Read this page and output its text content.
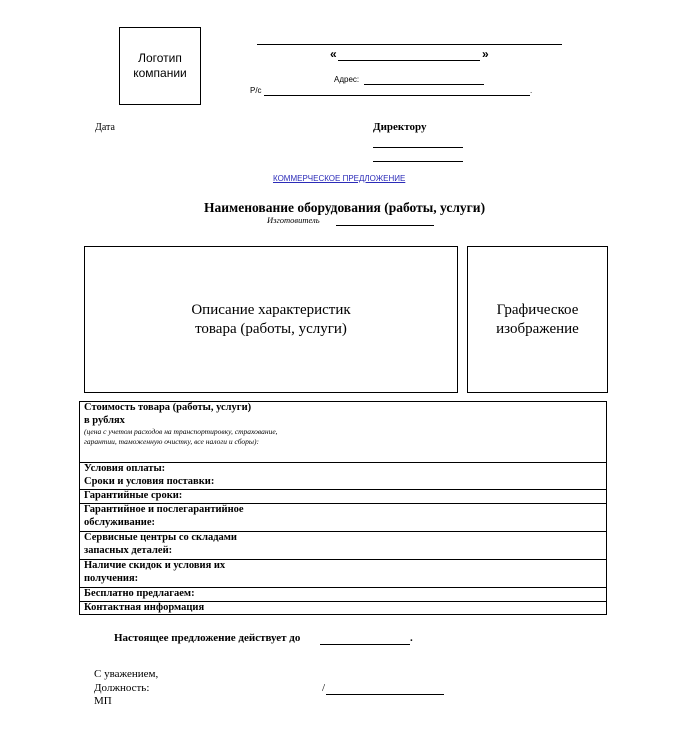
Логотип компании
«	»
Адрес:
Р/с	.
Дата	Директору
КОММЕРЧЕСКОЕ ПРЕДЛОЖЕНИЕ
Наименование оборудования (работы, услуги)
Изготовитель
Описание характеристик товара (работы, услуги)
Графическое изображение
Стоимость товара (работы, услуги)
в рублях
(цена с учетом расходов на транспортировку, страхование, гарантии, таможенную очистку, все налоги и сборы):

Условия оплаты:
Сроки и условия поставки:

Гарантийные сроки:

Гарантийное и послегарантийное обслуживание:

Сервисные центры со складами запасных деталей:

Наличие скидок и условия их получения:

Бесплатно предлагаем:
Контактная информация
Настоящее предложение действует до	.
С уважением,
Должность:	/
МП
